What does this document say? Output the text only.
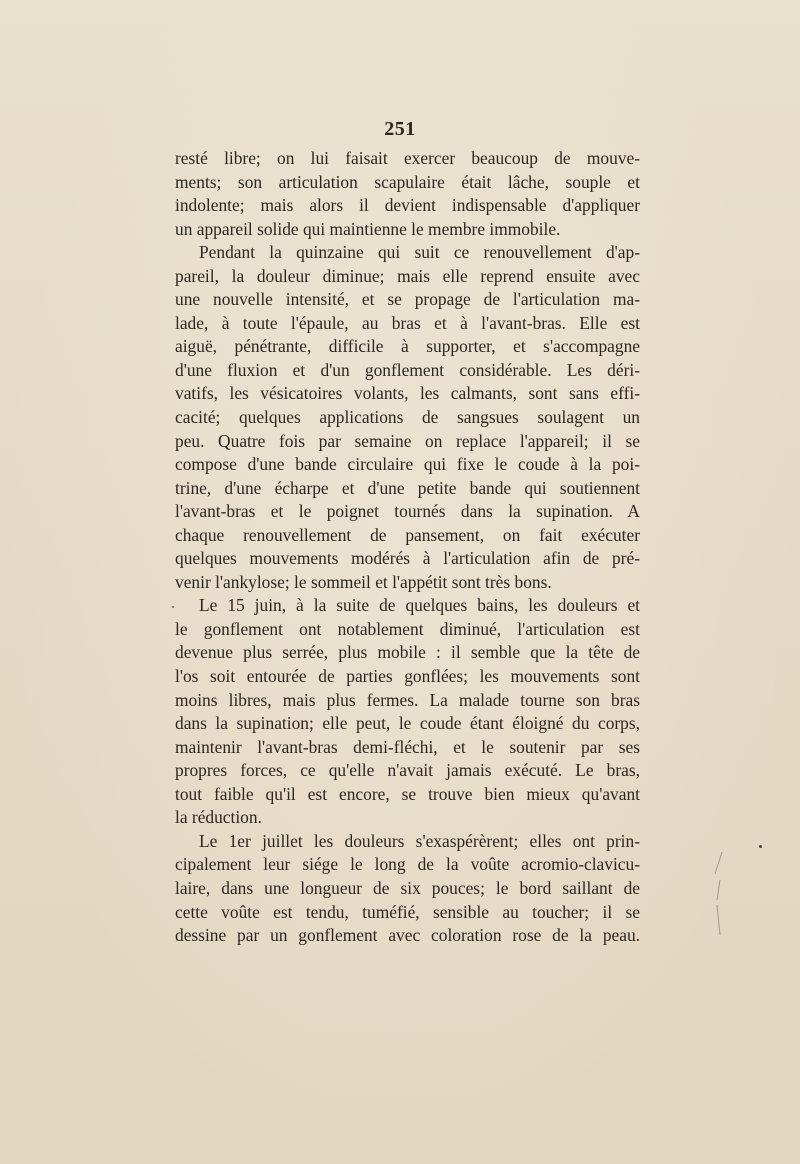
251
resté libre; on lui faisait exercer beaucoup de mouve-
ments; son articulation scapulaire était lâche, souple et
indolente; mais alors il devient indispensable d'appliquer
un appareil solide qui maintienne le membre immobile.
Pendant la quinzaine qui suit ce renouvellement d'ap-
pareil, la douleur diminue; mais elle reprend ensuite avec
une nouvelle intensité, et se propage de l'articulation ma-
lade, à toute l'épaule, au bras et à l'avant-bras. Elle est
aiguë, pénétrante, difficile à supporter, et s'accompagne
d'une fluxion et d'un gonflement considérable. Les déri-
vatifs, les vésicatoires volants, les calmants, sont sans effi-
cacité; quelques applications de sangsues soulagent un
peu. Quatre fois par semaine on replace l'appareil; il se
compose d'une bande circulaire qui fixe le coude à la poi-
trine, d'une écharpe et d'une petite bande qui soutiennent
l'avant-bras et le poignet tournés dans la supination. A
chaque renouvellement de pansement, on fait exécuter
quelques mouvements modérés à l'articulation afin de pré-
venir l'ankylose; le sommeil et l'appétit sont très bons.
Le 15 juin, à la suite de quelques bains, les douleurs et
le gonflement ont notablement diminué, l'articulation est
devenue plus serrée, plus mobile : il semble que la tête de
l'os soit entourée de parties gonflées; les mouvements sont
moins libres, mais plus fermes. La malade tourne son bras
dans la supination; elle peut, le coude étant éloigné du corps,
maintenir l'avant-bras demi-fléchi, et le soutenir par ses
propres forces, ce qu'elle n'avait jamais exécuté. Le bras,
tout faible qu'il est encore, se trouve bien mieux qu'avant
la réduction.
Le 1er juillet les douleurs s'exaspérèrent; elles ont prin-
cipalement leur siége le long de la voûte acromio-clavicu-
laire, dans une longueur de six pouces; le bord saillant de
cette voûte est tendu, tuméfié, sensible au toucher; il se
dessine par un gonflement avec coloration rose de la peau.
